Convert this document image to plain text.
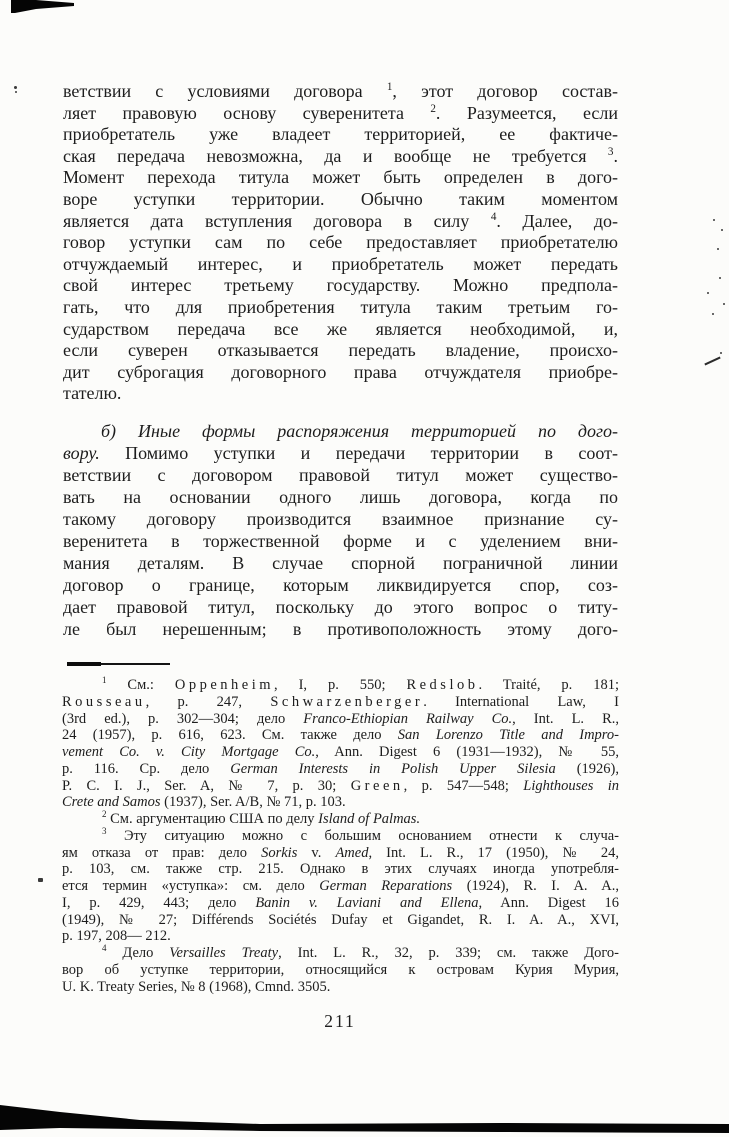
ветствии с условиями договора $^1$, этот договор состав-
ляет правовую основу суверенитета $^2$. Разумеется, если
приобретатель уже владеет территорией, ее фактиче-
ская передача невозможна, да и вообще не требуется $^3$.
Момент перехода титула может быть определен в дого-
воре уступки территории. Обычно таким моментом
является дата вступления договора в силу $^4$. Далее, до-
говор уступки сам по себе предоставляет приобретателю
отчуждаемый интерес, и приобретатель может передать
свой интерес третьему государству. Можно предпола-
гать, что для приобретения титула таким третьим го-
сударством передача все же является необходимой, и,
если суверен отказывается передать владение, происхо-
дит суброгация договорного права отчуждателя приобре-
тателю.
б) Иные формы распоряжения территорией по дого-
вору. Помимо уступки и передачи территории в соот-
ветствии с договором правовой титул может существо-
вать на основании одного лишь договора, когда по
такому договору производится взаимное признание су-
веренитета в торжественной форме и с уделением вни-
мания деталям. В случае спорной пограничной линии
договор о границе, которым ликвидируется спор, соз-
дает правовой титул, поскольку до этого вопрос о титу-
ле был нерешенным; в противоположность этому дого-
$^1$ См.: Oppenheim, I, p. 550; Redslob. Traité, p. 181;
Rousseau, p. 247, Schwarzenberger. International Law, I
(3rd ed.), p. 302—304; дело Franco-Ethiopian Railway Co., Int. L. R.,
24 (1957), p. 616, 623. См. также дело San Lorenzo Title and Impro-
vement Co. v. City Mortgage Co., Ann. Digest 6 (1931—1932), № 55,
p. 116. Ср. дело German Interests in Polish Upper Silesia (1926),
P. C. I. J., Ser. A, № 7, p. 30; Green, p. 547—548; Lighthouses in
Crete and Samos (1937), Ser. A/B, № 71, p. 103.
$^2$ См. аргументацию США по делу Island of Palmas.
$^3$ Эту ситуацию можно с большим основанием отнести к случа-
ям отказа от прав: дело Sorkis v. Amed, Int. L. R., 17 (1950), № 24,
p. 103, см. также стр. 215. Однако в этих случаях иногда употребля-
ется термин «уступка»: см. дело German Reparations (1924), R. I. A. A.,
I, p. 429, 443; дело Banin v. Laviani and Ellena, Ann. Digest 16
(1949), № 27; Différends Sociétés Dufay et Gigandet, R. I. A. A., XVI,
p. 197, 208— 212.
$^4$ Дело Versailles Treaty, Int. L. R., 32, p. 339; см. также Дого-
вор об уступке территории, относящийся к островам Курия Мурия,
U. K. Treaty Series, № 8 (1968), Cmnd. 3505.
211
